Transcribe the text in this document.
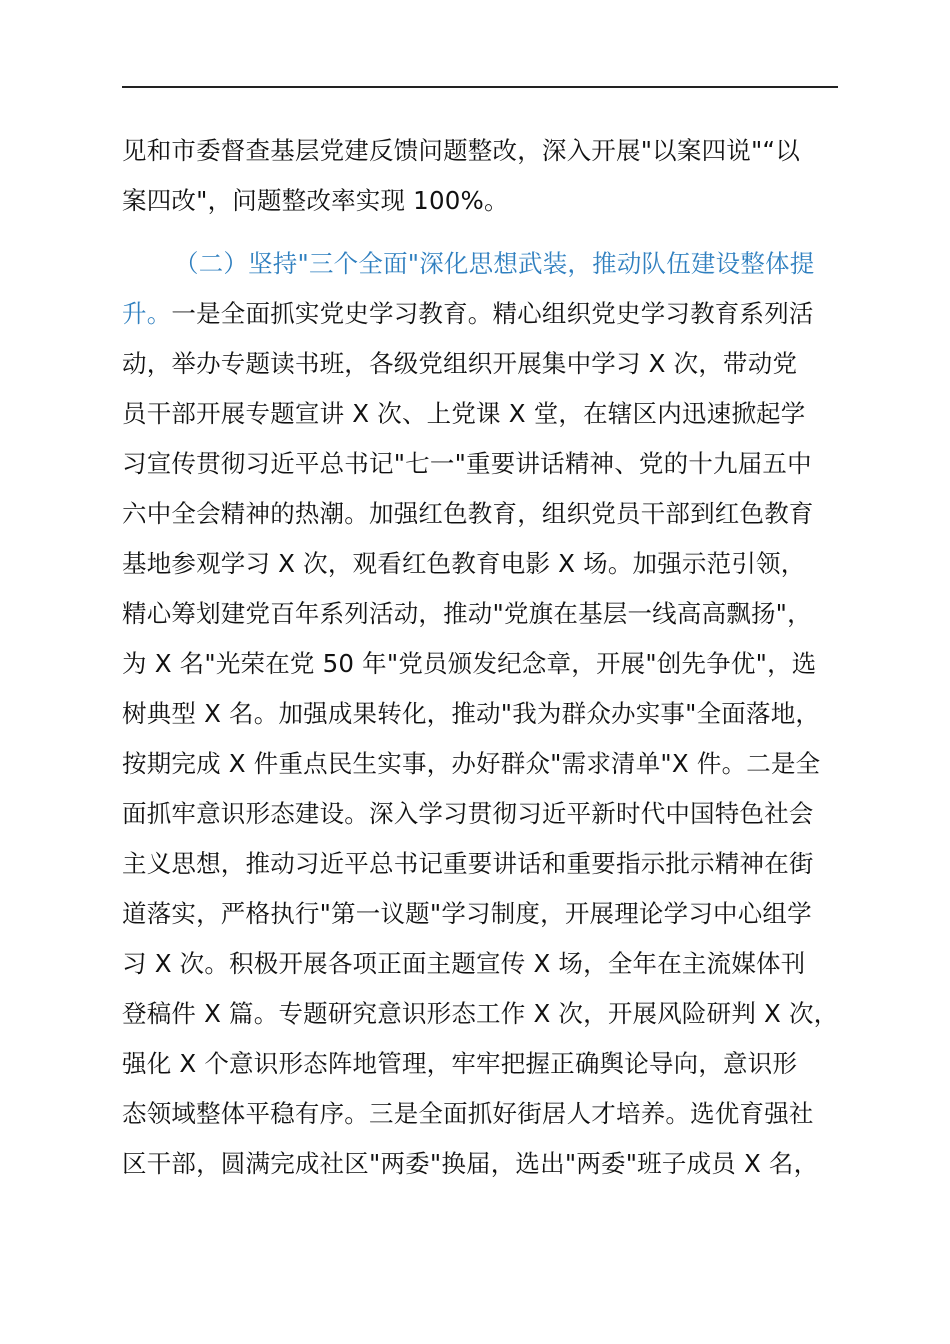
见和市委督查基层党建反馈问题整改，深入开展"以案四说"“以
案四改"，问题整改率实现 100%。
（二）坚持"三个全面"深化思想武装，推动队伍建设整体提
升。一是全面抓实党史学习教育。精心组织党史学习教育系列活
动，举办专题读书班，各级党组织开展集中学习 X 次，带动党
员干部开展专题宣讲 X 次、上党课 X 堂，在辖区内迅速掀起学
习宣传贯彻习近平总书记"七一"重要讲话精神、党的十九届五中
六中全会精神的热潮。加强红色教育，组织党员干部到红色教育
基地参观学习 X 次，观看红色教育电影 X 场。加强示范引领，
精心筹划建党百年系列活动，推动"党旗在基层一线高高飘扬"，
为 X 名"光荣在党 50 年"党员颁发纪念章，开展"创先争优"，选
树典型 X 名。加强成果转化，推动"我为群众办实事"全面落地，
按期完成 X 件重点民生实事，办好群众"需求清单"X 件。二是全
面抓牢意识形态建设。深入学习贯彻习近平新时代中国特色社会
主义思想，推动习近平总书记重要讲话和重要指示批示精神在街
道落实，严格执行"第一议题"学习制度，开展理论学习中心组学
习 X 次。积极开展各项正面主题宣传 X 场，全年在主流媒体刊
登稿件 X 篇。专题研究意识形态工作 X 次，开展风险研判 X 次，
强化 X 个意识形态阵地管理，牢牢把握正确舆论导向，意识形
态领域整体平稳有序。三是全面抓好街居人才培养。选优育强社
区干部，圆满完成社区"两委"换届，选出"两委"班子成员 X 名，
